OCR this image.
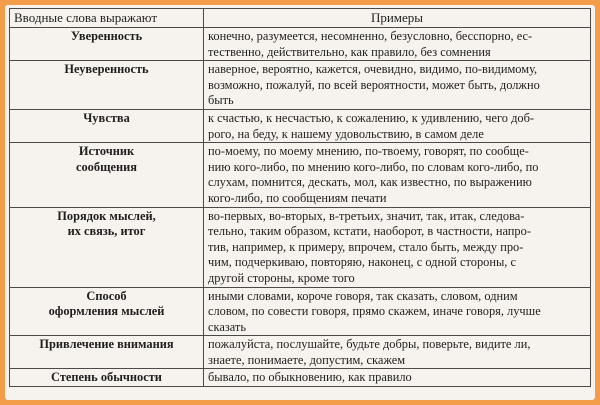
Вводные слова выражают	Примеры
Уверенность	конечно, разумеется, несомненно, безусловно, бесспорно, ес-
тественно, действительно, как правило, без сомнения
Неуверенность	наверное, вероятно, кажется, очевидно, видимо, по-видимому,
возможно, пожалуй, по всей вероятности, может быть, должно
быть
Чувства	к счастью, к несчастью, к сожалению, к удивлению, чего доб-
рого, на беду, к нашему удовольствию, в самом деле
Источник
сообщения	по-моему, по моему мнению, по-твоему, говорят, по сообще-
нию кого-либо, по мнению кого-либо, по словам кого-либо, по
слухам, помнится, дескать, мол, как известно, по выражению
кого-либо, по сообщениям печати
Порядок мыслей,
их связь, итог	во-первых, во-вторых, в-третьих, значит, так, итак, следова-
тельно, таким образом, кстати, наоборот, в частности, напро-
тив, например, к примеру, впрочем, стало быть, между про-
чим, подчеркиваю, повторяю, наконец, с одной стороны, с
другой стороны, кроме того
Способ
оформления мыслей	иными словами, короче говоря, так сказать, словом, одним
словом, по совести говоря, прямо скажем, иначе говоря, лучше
сказать
Привлечение внимания	пожалуйста, послушайте, будьте добры, поверьте, видите ли,
знаете, понимаете, допустим, скажем
Степень обычности	бывало, по обыкновению, как правило
